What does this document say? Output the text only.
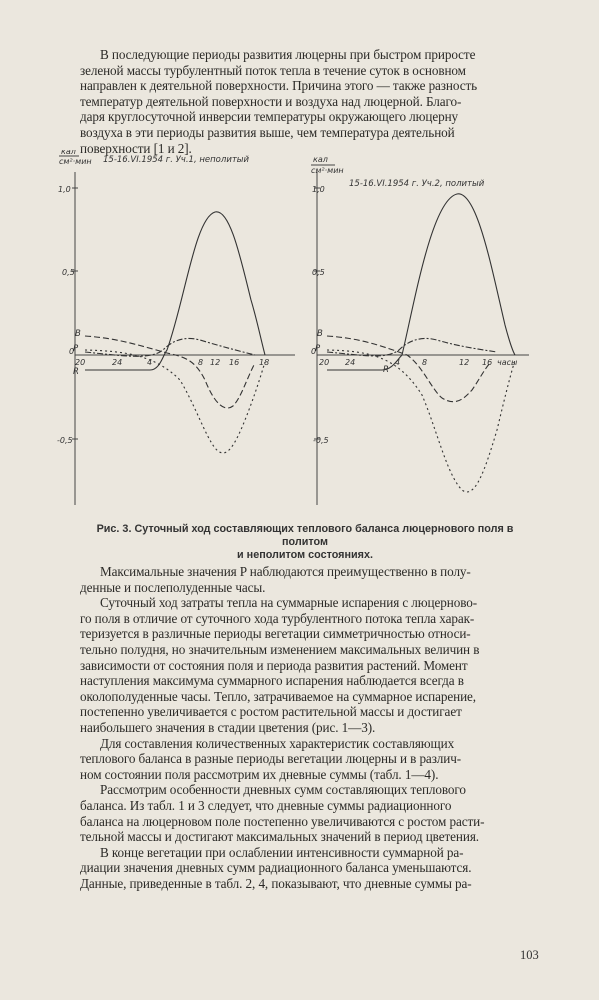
В последующие периоды развития люцерны при быстром приросте
зеленой массы турбулентный поток тепла в течение суток в основном
направлен к деятельной поверхности. Причина этого — также разность
температур деятельной поверхности и воздуха над люцерной. Благо-
даря круглосуточной инверсии температуры окружающего люцерну
воздуха в эти периоды развития выше, чем температура деятельной
поверхности [1 и 2].
кал
см²·мин 15-16.VI.1954 г. Уч.1, неполитый
1,0
0,5
0
-0,5
20	24	4	8 12 16 18
B
P
R
кал
см²·мин
15-16.VI.1954 г. Уч.2, политый
1,0
0,5
0
-0,5
20 24	4	8	12 16 часы
B
P
R
Рис. 3. Суточный ход составляющих теплового баланса люцернового поля в политом
и неполитом состояниях.
Максимальные значения P наблюдаются преимущественно в полу-
денные и послеполуденные часы.
Суточный ход затраты тепла на суммарные испарения с люцерново-
го поля в отличие от суточного хода турбулентного потока тепла харак-
теризуется в различные периоды вегетации симметричностью относи-
тельно полудня, но значительным изменением максимальных величин в
зависимости от состояния поля и периода развития растений. Момент
наступления максимума суммарного испарения наблюдается всегда в
околополуденные часы. Тепло, затрачиваемое на суммарное испарение,
постепенно увеличивается с ростом растительной массы и достигает
наибольшего значения в стадии цветения (рис. 1—3).
Для составления количественных характеристик составляющих
теплового баланса в разные периоды вегетации люцерны и в различ-
ном состоянии поля рассмотрим их дневные суммы (табл. 1—4).
Рассмотрим особенности дневных сумм составляющих теплового
баланса. Из табл. 1 и 3 следует, что дневные суммы радиационного
баланса на люцерновом поле постепенно увеличиваются с ростом расти-
тельной массы и достигают максимальных значений в период цветения.
В конце вегетации при ослаблении интенсивности суммарной ра-
диации значения дневных сумм радиационного баланса уменьшаются.
Данные, приведенные в табл. 2, 4, показывают, что дневные суммы ра-
103
